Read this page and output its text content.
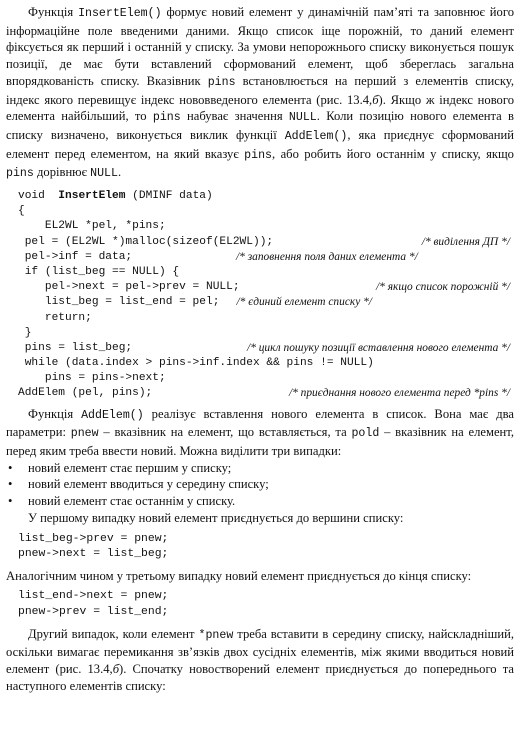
Функція InsertElem() формує новий елемент у динамічній пам’яті та заповнює його інформаційне поле введеними даними. Якщо список іще порожній, то даний елемент фіксується як перший і останній у списку. За умови непорожнього списку виконується пошук позиції, де має бути вставлений сформований елемент, щоб збереглась загальна впорядкованість списку. Вказівник pins встановлюється на перший з елементів списку, індекс якого перевищує індекс нововведеного елемента (рис. 13.4,б). Якщо ж індекс нового елемента найбільший, то pins набуває значення NULL. Коли позицію нового елемента в списку визначено, виконується виклик функції AddElem(), яка приєднує сформований елемент перед елементом, на який вказує pins, або робить його останнім у списку, якщо pins дорівнює NULL.

void  InsertElem (DMINF data)
{
EL2WL *pel, *pins;
pel = (EL2WL *)malloc(sizeof(EL2WL));	/* виділення ДП */
pel->inf = data;	/* заповнення поля даних елемента */
if (list_beg == NULL) {
/* якщо список порожній */
pel->next = pel->prev = NULL;
list_beg = list_end = pel; /* єдиний елемент списку */
return;
}
pins = list_beg;	/* цикл пошуку позиції вставлення нового елемента */
while (data.index > pins->inf.index && pins != NULL)
pins = pins->next;
AddElem (pel, pins);	/* приєднання нового елемента перед *pins */

Функція AddElem() реалізує вставлення нового елемента в список. Вона має два параметри: pnew – вказівник на елемент, що вставляється, та pold – вказівник на елемент, перед яким треба ввести новий. Можна виділити три випадки:

• новий елемент стає першим у списку;
• новий елемент вводиться у середину списку;
• новий елемент стає останнім у списку.

У першому випадку новий елемент приєднується до вершини списку:

list_beg->prev = pnew;
pnew->next = list_beg;

Аналогічним чином у третьому випадку новий елемент приєднується до кінця списку:

list_end->next = pnew;
pnew->prev = list_end;

Другий випадок, коли елемент *pnew треба вставити в середину списку, найскладніший, оскільки вимагає перемикання зв’язків двох сусідніх елементів, між якими вводиться новий елемент (рис. 13.4,б). Спочатку новостворений елемент приєднується до попереднього та наступного елементів списку:
